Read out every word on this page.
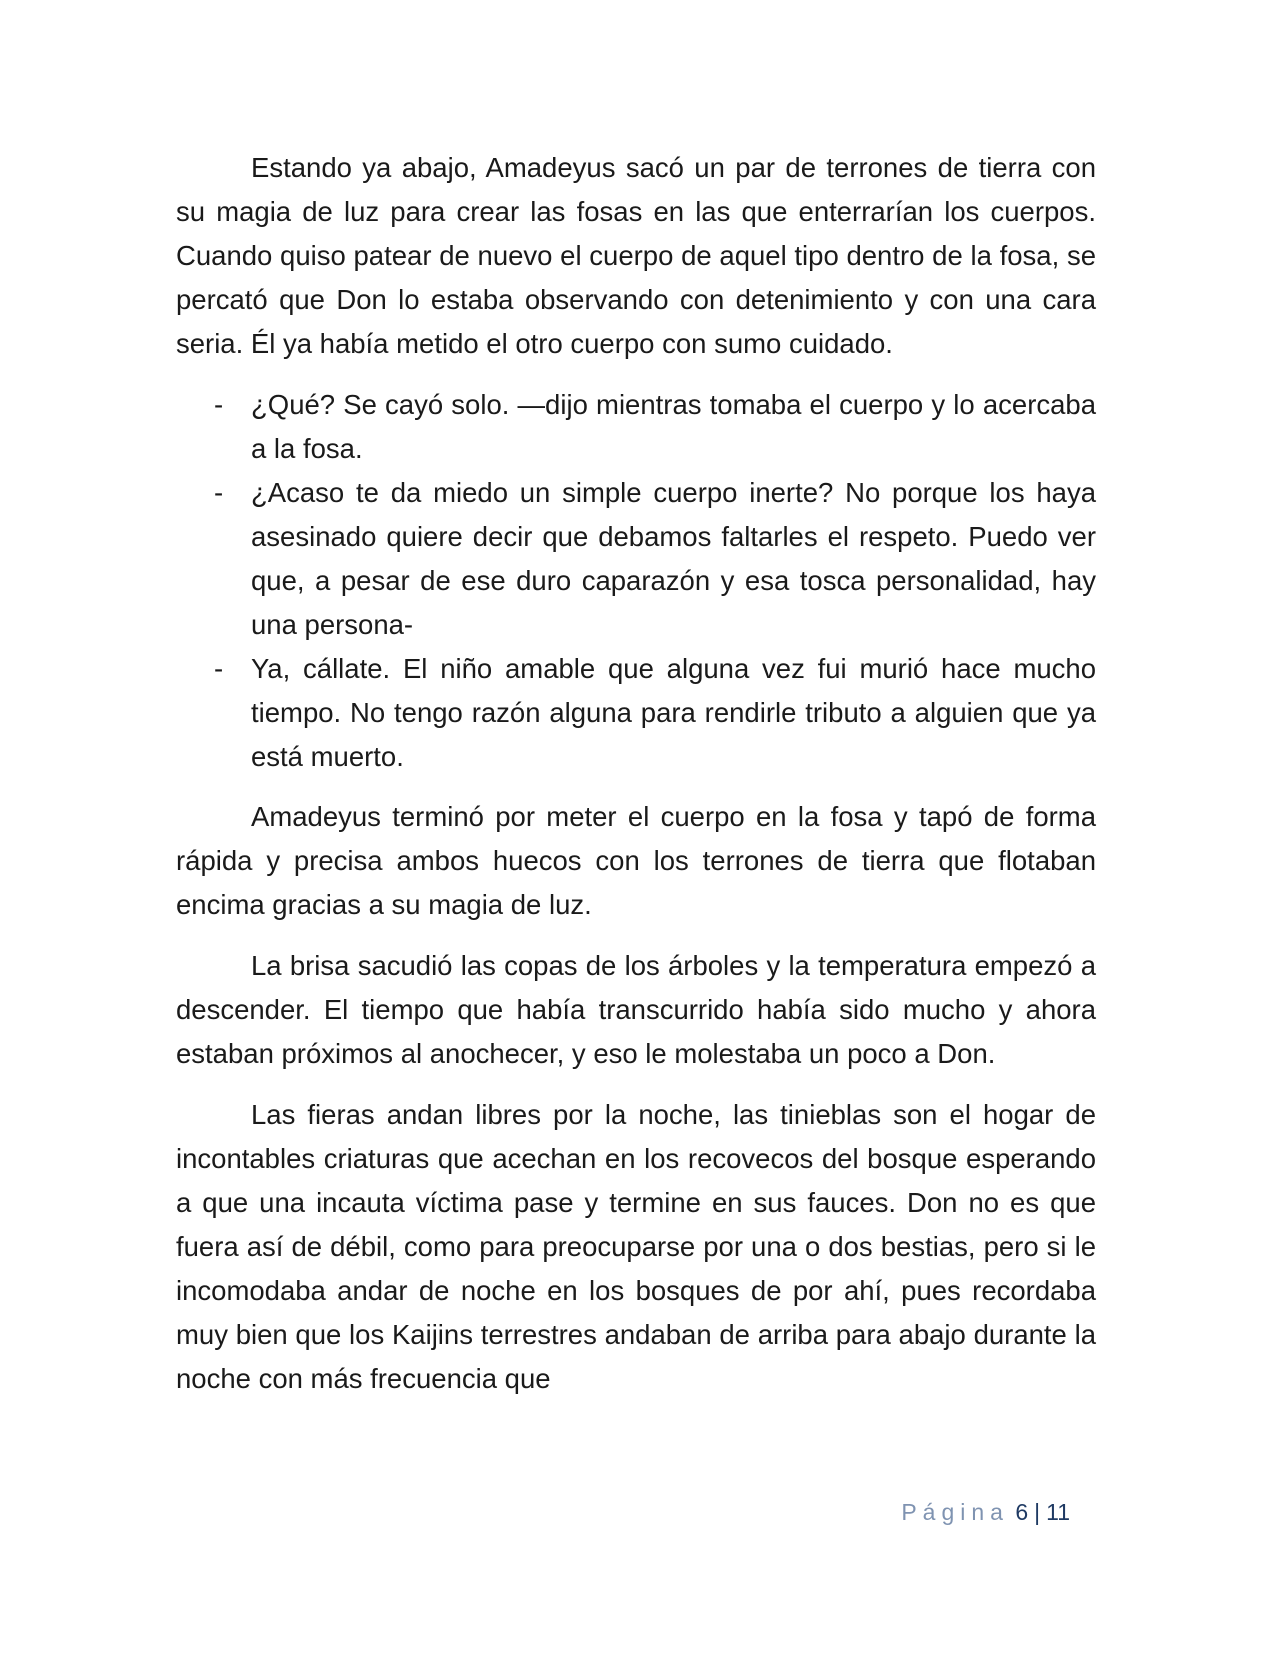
Estando ya abajo, Amadeyus sacó un par de terrones de tierra con su magia de luz para crear las fosas en las que enterrarían los cuerpos. Cuando quiso patear de nuevo el cuerpo de aquel tipo dentro de la fosa, se percató que Don lo estaba observando con detenimiento y con una cara seria. Él ya había metido el otro cuerpo con sumo cuidado.

- ¿Qué? Se cayó solo. —dijo mientras tomaba el cuerpo y lo acercaba a la fosa.
- ¿Acaso te da miedo un simple cuerpo inerte? No porque los haya asesinado quiere decir que debamos faltarles el respeto. Puedo ver que, a pesar de ese duro caparazón y esa tosca personalidad, hay una persona-
- Ya, cállate. El niño amable que alguna vez fui murió hace mucho tiempo. No tengo razón alguna para rendirle tributo a alguien que ya está muerto.

Amadeyus terminó por meter el cuerpo en la fosa y tapó de forma rápida y precisa ambos huecos con los terrones de tierra que flotaban encima gracias a su magia de luz.

La brisa sacudió las copas de los árboles y la temperatura empezó a descender. El tiempo que había transcurrido había sido mucho y ahora estaban próximos al anochecer, y eso le molestaba un poco a Don.

Las fieras andan libres por la noche, las tinieblas son el hogar de incontables criaturas que acechan en los recovecos del bosque esperando a que una incauta víctima pase y termine en sus fauces. Don no es que fuera así de débil, como para preocuparse por una o dos bestias, pero si le incomodaba andar de noche en los bosques de por ahí, pues recordaba muy bien que los Kaijins terrestres andaban de arriba para abajo durante la noche con más frecuencia que

Página 6 | 11
